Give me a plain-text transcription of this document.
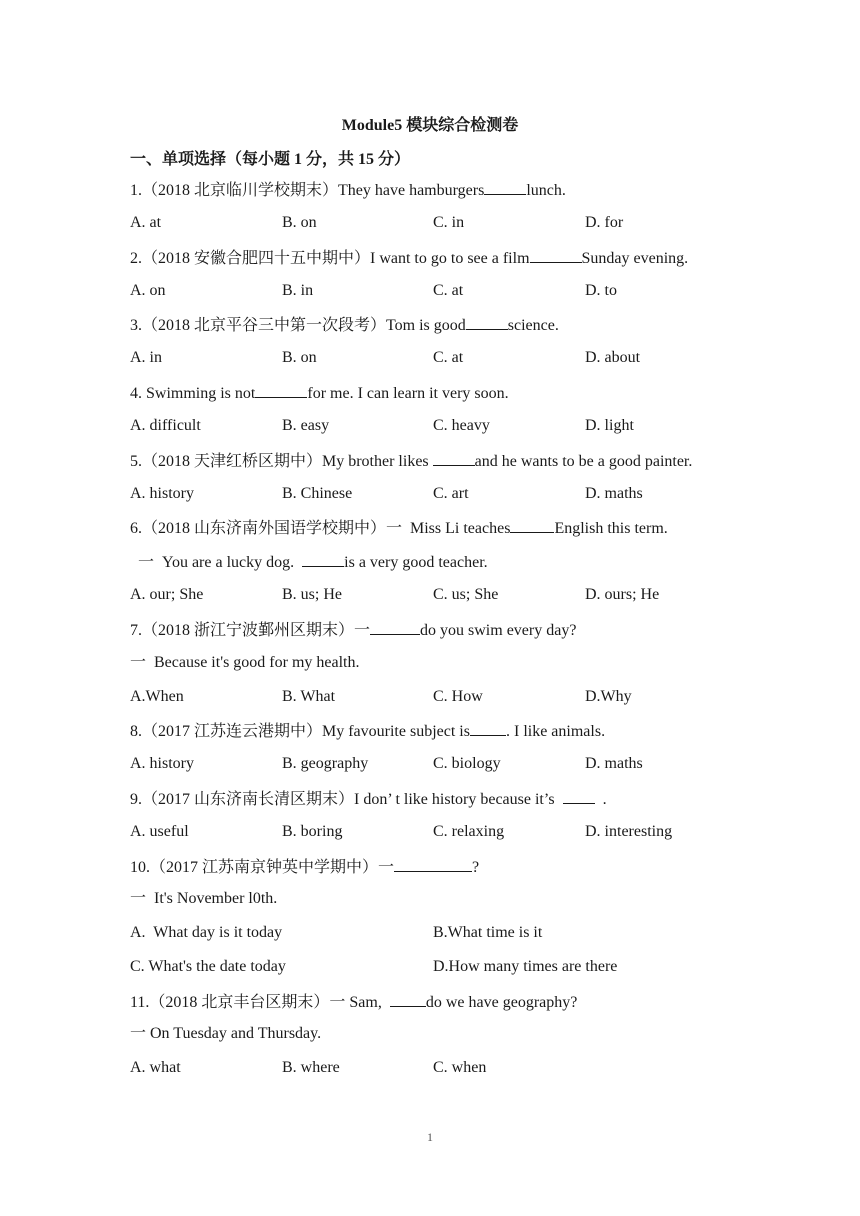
Module5 模块综合检测卷
一、单项选择（每小题 1 分，共 15 分）
1.（2018 北京临川学校期末）They have hamburgers	lunch.
A. at	B. on	C. in	D. for
2.（2018 安徽合肥四十五中期中）I want to go to see a film	Sunday evening.
A. on	B. in	C. at	D. to
3.（2018 北京平谷三中第一次段考）Tom is good	science.
A. in	B. on	C. at	D. about
4. Swimming is not	for me. I can learn it very soon.
A. difficult	B. easy	C. heavy	D. light
5.（2018 天津红桥区期中）My brother likes	and he wants to be a good painter.
A. history	B. Chinese	C. art	D. maths
6.（2018 山东济南外国语学校期中）一  Miss Li teaches	English this term.
一  You are a lucky dog.	is a very good teacher.
A. our; She	B. us; He	C. us; She	D. ours; He
7.（2018 浙江宁波鄞州区期末）一	do you swim every day?
一  Because it's good for my health.
A.When	B. What	C. How	D.Why
8.（2017 江苏连云港期中）My favourite subject is . I like animals.
A. history	B. geography	C. biology	D. maths
9.（2017 山东济南长清区期末）I don’ t like history because it’s    .
A. useful	B. boring	C. relaxing	D. interesting
10.（2017 江苏南京钟英中学期中）一	?
一  It's November l0th.
A.  What day is it today	B.What time is it
C. What's the date today	D.How many times are there
11.（2018 北京丰台区期末）一 Sam,  do we have geography?
一 On Tuesday and Thursday.
A. what	B. where	C. when
1
